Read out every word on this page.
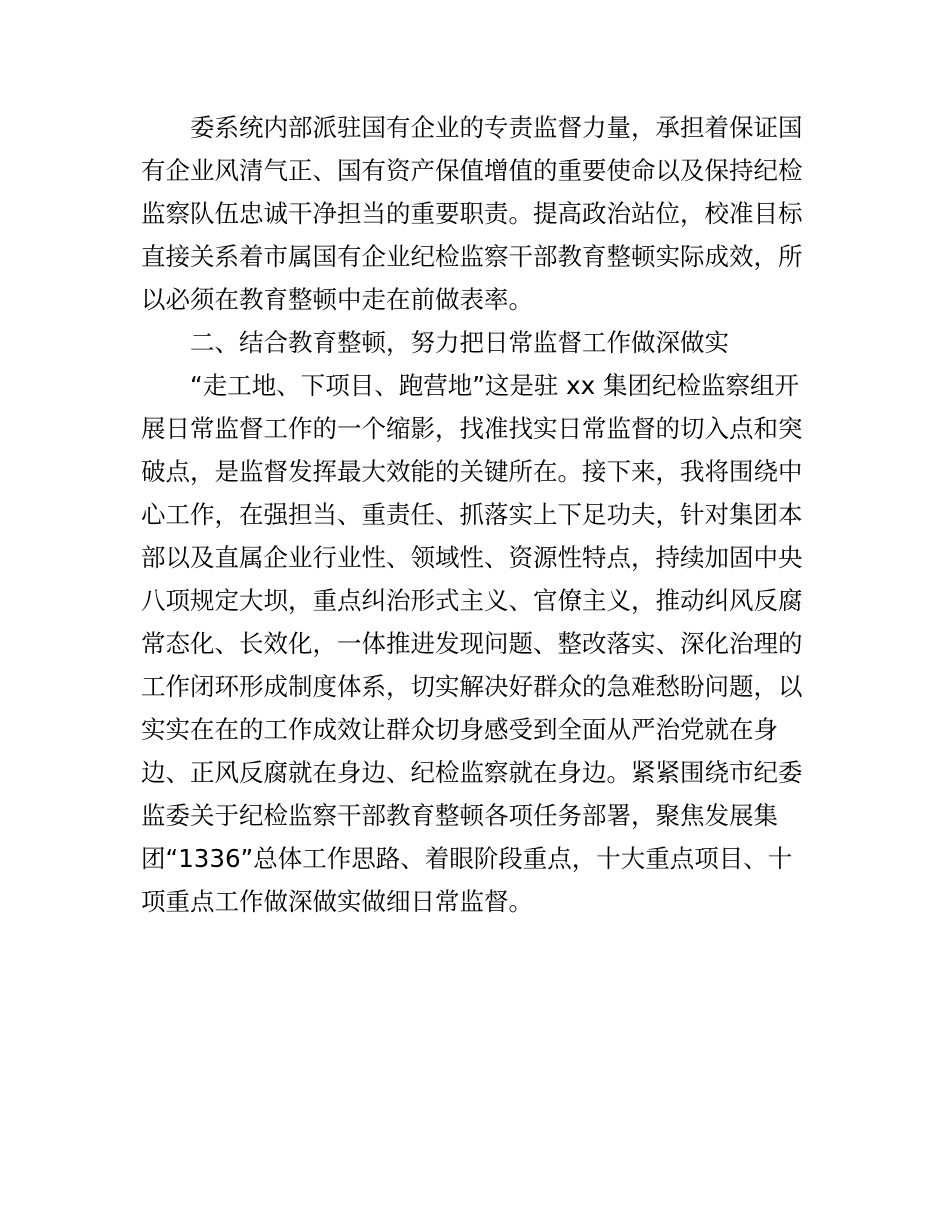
委系统内部派驻国有企业的专责监督力量，承担着保证国
有企业风清气正、国有资产保值增值的重要使命以及保持纪检
监察队伍忠诚干净担当的重要职责。提高政治站位，校准目标
直接关系着市属国有企业纪检监察干部教育整顿实际成效，所
以必须在教育整顿中走在前做表率。
二、结合教育整顿，努力把日常监督工作做深做实
“走工地、下项目、跑营地”这是驻 xx 集团纪检监察组开
展日常监督工作的一个缩影，找准找实日常监督的切入点和突
破点，是监督发挥最大效能的关键所在。接下来，我将围绕中
心工作，在强担当、重责任、抓落实上下足功夫，针对集团本
部以及直属企业行业性、领域性、资源性特点，持续加固中央
八项规定大坝，重点纠治形式主义、官僚主义，推动纠风反腐
常态化、长效化，一体推进发现问题、整改落实、深化治理的
工作闭环形成制度体系，切实解决好群众的急难愁盼问题，以
实实在在的工作成效让群众切身感受到全面从严治党就在身
边、正风反腐就在身边、纪检监察就在身边。紧紧围绕市纪委
监委关于纪检监察干部教育整顿各项任务部署，聚焦发展集
团“1336”总体工作思路、着眼阶段重点，十大重点项目、十
项重点工作做深做实做细日常监督。
